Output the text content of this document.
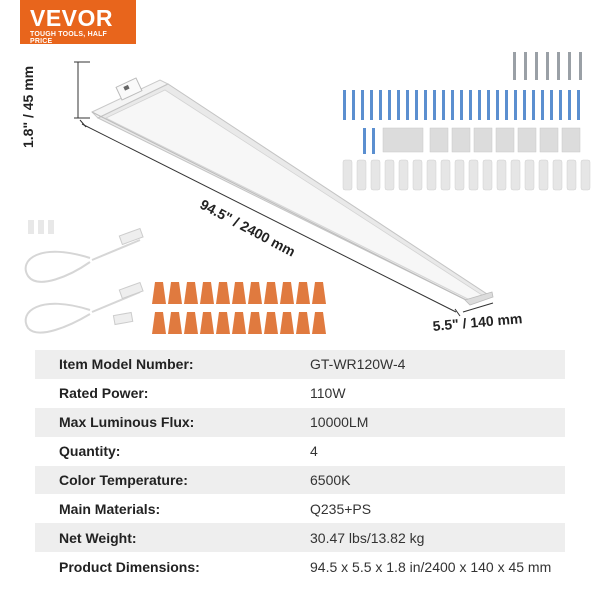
VEVOR
TOUGH TOOLS, HALF PRICE
1.8" / 45 mm
94.5" / 2400 mm
5.5" / 140 mm
Item Model Number:	GT-WR120W-4
Rated Power:	110W
Max Luminous Flux:	10000LM
Quantity:	4
Color Temperature:	6500K
Main Materials:	Q235+PS
Net Weight:	30.47 lbs/13.82 kg
Product Dimensions:	94.5 x 5.5 x 1.8 in/2400 x 140 x 45 mm
